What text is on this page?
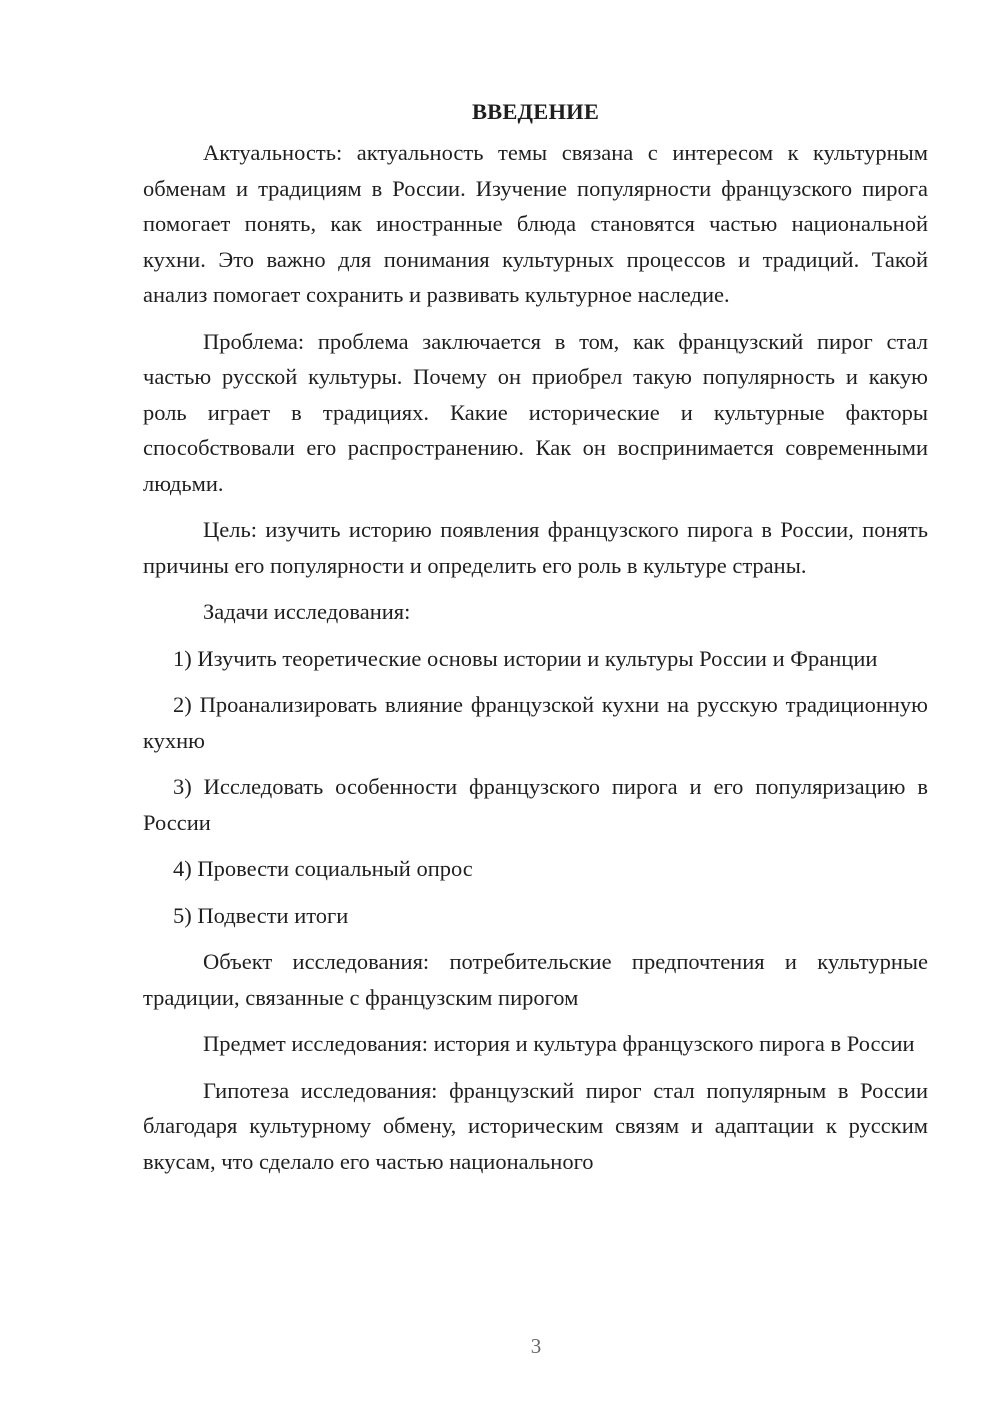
ВВЕДЕНИЕ

Актуальность: актуальность темы связана с интересом к культурным обменам и традициям в России. Изучение популярности французского пирога помогает понять, как иностранные блюда становятся частью национальной кухни. Это важно для понимания культурных процессов и традиций. Такой анализ помогает сохранить и развивать культурное наследие.

Проблема: проблема заключается в том, как французский пирог стал частью русской культуры. Почему он приобрел такую популярность и какую роль играет в традициях. Какие исторические и культурные факторы способствовали его распространению. Как он воспринимается современными людьми.

Цель: изучить историю появления французского пирога в России, понять причины его популярности и определить его роль в культуре страны.

Задачи исследования:

1) Изучить теоретические основы истории и культуры России и Франции

2) Проанализировать влияние французской кухни на русскую традиционную кухню

3) Исследовать особенности французского пирога и его популяризацию в России

4) Провести социальный опрос

5) Подвести итоги

Объект исследования: потребительские предпочтения и культурные традиции, связанные с французским пирогом

Предмет исследования: история и культура французского пирога в России

Гипотеза исследования: французский пирог стал популярным в России благодаря культурному обмену, историческим связям и адаптации к русским вкусам, что сделало его частью национального

3
